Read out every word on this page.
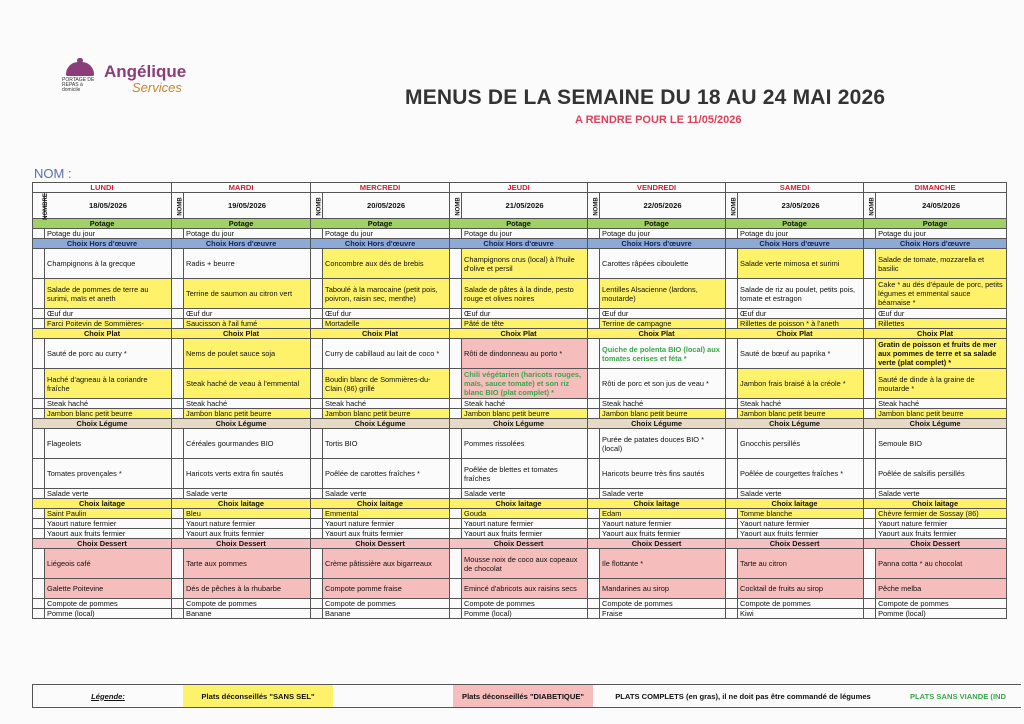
PORTAGE DE REPAS à domicile
Angélique
Services	MENUS DE LA SEMAINE DU 18 AU 24 MAI 2026
A RENDRE POUR LE 11/05/2026
NOM :
LUNDI		MARDI		MERCREDI		JEUDI		VENDREDI		SAMEDI		DIMANCHE	
NOMBRE	18/05/2026	NOMB	19/05/2026	NOMB	20/05/2026	NOMB	21/05/2026	NOMB	22/05/2026	NOMB	23/05/2026	NOMB	24/05/2026
Potage		Potage		Potage		Potage		Potage		Potage		Potage	
	Potage du jour		Potage du jour		Potage du jour		Potage du jour		Potage du jour		Potage du jour		Potage du jour
Choix Hors d'œuvre		Choix Hors d'œuvre		Choix Hors d'œuvre		Choix Hors d'œuvre		Choix Hors d'œuvre		Choix Hors d'œuvre		Choix Hors d'œuvre	
	Champignons à la grecque		Radis + beurre		Concombre aux dés de brebis		Champignons crus (local) à l'huile d'olive et persil		Carottes râpées ciboulette		Salade verte mimosa et surimi		Salade de tomate, mozzarella et basilic
	Salade de pommes de terre au surimi, maïs et aneth		Terrine de saumon au citron vert		Taboulé à la marocaine (petit pois, poivron, raisin sec, menthe)		Salade de pâtes à la dinde, pesto rouge et olives noires		Lentilles Alsacienne (lardons, moutarde)		Salade de riz au poulet, petits pois, tomate et estragon		Cake * au dés d'épaule de porc, petits légumes et emmental sauce béarnaise *
	Œuf dur		Œuf dur		Œuf dur		Œuf dur		Œuf dur		Œuf dur		Œuf dur
	Farci Poitevin de Sommières-		Saucisson à l'ail fumé		Mortadelle		Pâté de tête		Terrine de campagne		Rillettes de poisson * à l'aneth		Rillettes
Choix Plat		Choix Plat		Choix Plat		Choix Plat		Choix Plat		Choix Plat		Choix Plat	
	Sauté de porc au curry *		Nems de poulet sauce soja		Curry de cabillaud au lait de coco *		Rôti de dindonneau au porto *		Quiche de polenta BIO (local) aux tomates cerises et féta *		Sauté de bœuf au paprika *		Gratin de poisson et fruits de mer aux pommes de terre et sa salade verte (plat complet) *
	Haché d'agneau à la coriandre fraîche		Steak haché de veau à l'emmental		Boudin blanc de Sommières-du-Clain (86) grillé		Chili végétarien (haricots rouges, maïs, sauce tomate) et son riz blanc BIO (plat complet) *		Rôti de porc et son jus de veau *		Jambon frais braisé à la créole *		Sauté de dinde à la graine de moutarde *
	Steak haché		Steak haché		Steak haché		Steak haché		Steak haché		Steak haché		Steak haché
	Jambon blanc petit beurre		Jambon blanc petit beurre		Jambon blanc petit beurre		Jambon blanc petit beurre		Jambon blanc petit beurre		Jambon blanc petit beurre		Jambon blanc petit beurre
Choix Légume		Choix Légume		Choix Légume		Choix Légume		Choix Légume		Choix Légume		Choix Légume	
	Flageolets		Céréales gourmandes BIO		Tortis BIO		Pommes rissolées		Purée de patates douces BIO * (local)		Gnocchis persillés		Semoule BIO
	Tomates provençales *		Haricots verts extra fin sautés		Poêlée de carottes fraîches *		Poêlée de blettes et tomates fraîches		Haricots beurre très fins sautés		Poêlée de courgettes fraîches *		Poêlée de salsifis persillés
	Salade verte		Salade verte		Salade verte		Salade verte		Salade verte		Salade verte		Salade verte
Choix laitage		Choix laitage		Choix laitage		Choix laitage		Choix laitage		Choix laitage		Choix laitage	
	Saint Paulin		Bleu		Emmental		Gouda		Edam		Tomme blanche		Chèvre fermier de Sossay (86)
	Yaourt nature fermier		Yaourt nature fermier		Yaourt nature fermier		Yaourt nature fermier		Yaourt nature fermier		Yaourt nature fermier		Yaourt nature fermier
	Yaourt aux fruits fermier		Yaourt aux fruits fermier		Yaourt aux fruits fermier		Yaourt aux fruits fermier		Yaourt aux fruits fermier		Yaourt aux fruits fermier		Yaourt aux fruits fermier
Choix Dessert		Choix Dessert		Choix Dessert		Choix Dessert		Choix Dessert		Choix Dessert		Choix Dessert	
	Liégeois café		Tarte aux pommes		Crème pâtissière aux bigarreaux		Mousse noix de coco aux copeaux de chocolat		Ile flottante *		Tarte au citron		Panna cotta * au chocolat
	Galette Poitevine		Dés de pêches à la rhubarbe		Compote pomme fraise		Emincé d'abricots aux raisins secs		Mandarines au sirop		Cocktail de fruits au sirop		Pêche melba
	Compote de pommes		Compote de pommes		Compote de pommes		Compote de pommes		Compote de pommes		Compote de pommes		Compote de pommes
	Pomme (local)		Banane		Banane		Pomme (local)		Fraise		Kiwi		Pomme (local)
Légende:	Plats déconseillés "SANS SEL"	Plats déconseillés "DIABETIQUE"	PLATS COMPLETS (en gras), il ne doit pas être commandé de légumes	PLATS SANS VIANDE (IND
